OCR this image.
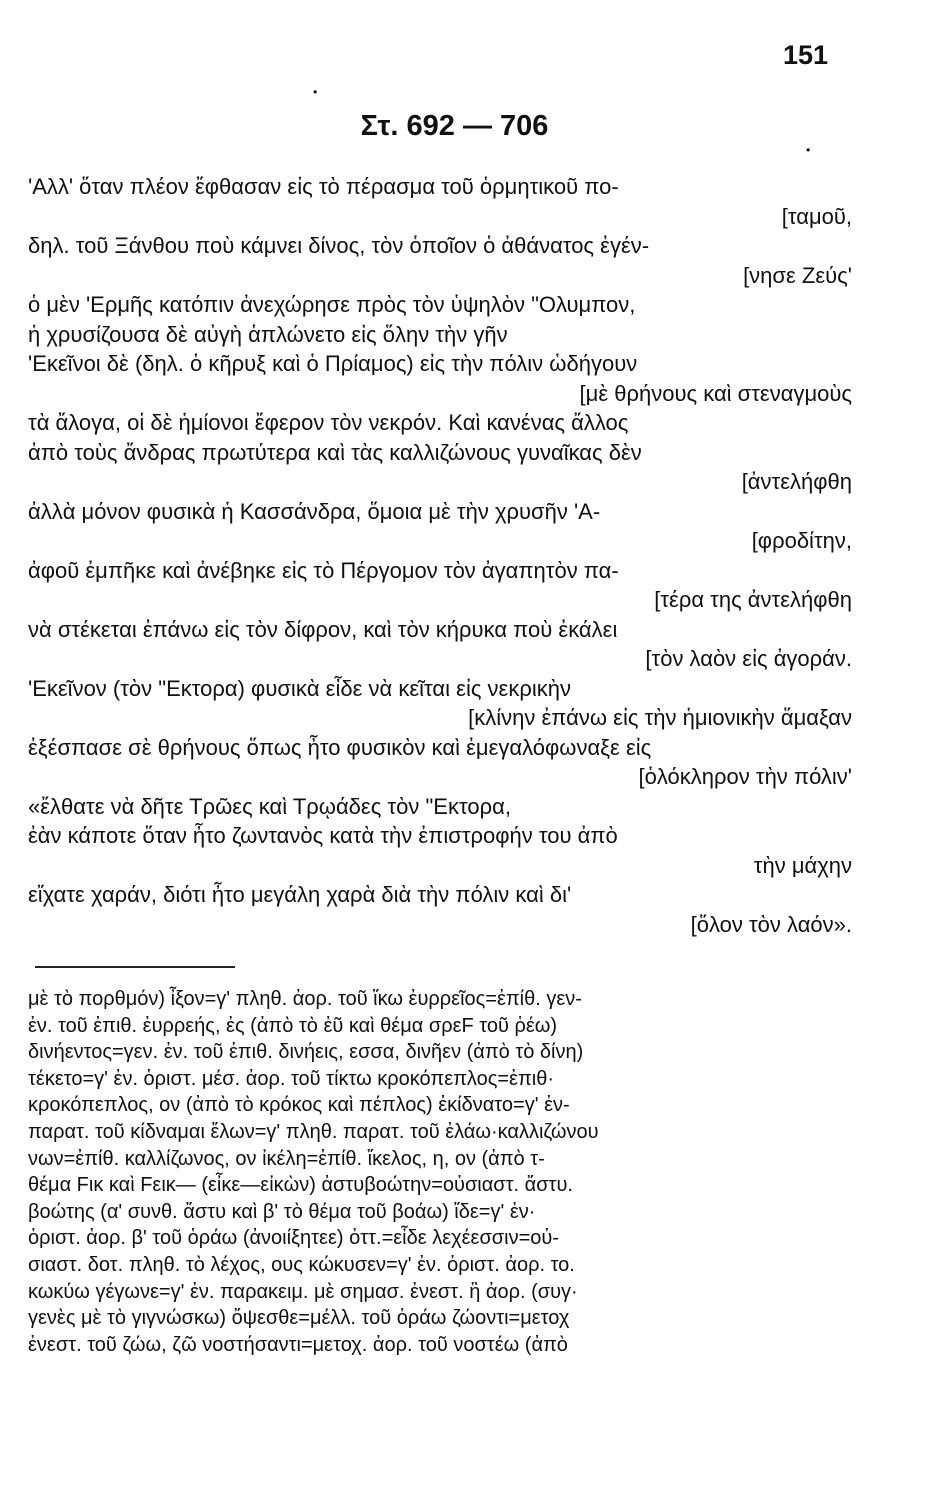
151
·
Στ. 692 — 706
·
'Αλλ' ὅταν πλέον ἔφθασαν εἰς τὸ πέρασμα τοῦ ὁρμητικοῦ πο-
[ταμοῦ,
δηλ. τοῦ Ξάνθου ποὺ κάμνει δίνος, τὸν ὁποῖον ὁ ἀθάνατος ἐγέν-
[νησε Ζεύς'
ὁ μὲν 'Ερμῆς κατόπιν ἀνεχώρησε πρὸς τὸν ὑψηλὸν "Ολυμπον,
ἡ χρυσίζουσα δὲ αὐγὴ ἁπλώνετο εἰς ὅλην τὴν γῆν
'Εκεῖνοι δὲ (δηλ. ὁ κῆρυξ καὶ ὁ Πρίαμος) εἰς τὴν πόλιν ὡδήγουν
[μὲ θρήνους καὶ στεναγμοὺς
τὰ ἄλογα, οἱ δὲ ἡμίονοι ἔφερον τὸν νεκρόν. Καὶ κανένας ἄλλος
ἀπὸ τοὺς ἄνδρας πρωτύτερα καὶ τὰς καλλιζώνους γυναῖκας δὲν
[ἀντελήφθη
ἀλλὰ μόνον φυσικὰ ἡ Κασσάνδρα, ὅμοια μὲ τὴν χρυσῆν 'Α-
[φροδίτην,
ἀφοῦ ἐμπῆκε καὶ ἀνέβηκε εἰς τὸ Πέργομον τὸν ἀγαπητὸν πα-
[τέρα της ἀντελήφθη
νὰ στέκεται ἐπάνω εἰς τὸν δίφρον, καὶ τὸν κήρυκα ποὺ ἐκάλει
[τὸν λαὸν εἰς ἀγοράν.
'Εκεῖνον (τὸν "Εκτορα) φυσικὰ εἶδε νὰ κεῖται εἰς νεκρικὴν
[κλίνην ἐπάνω εἰς τὴν ἡμιονικὴν ἅμαξαν
ἐξέσπασε σὲ θρήνους ὅπως ἦτο φυσικὸν καὶ ἐμεγαλόφωναξε εἰς
[ὁλόκληρον τὴν πόλιν'
«ἔλθατε νὰ δῆτε Τρῶες καὶ Τρῳάδες τὸν "Εκτορα,
ἐὰν κάποτε ὅταν ἦτο ζωντανὸς κατὰ τὴν ἐπιστροφήν του ἀπὸ
τὴν μάχην
εἴχατε χαράν, διότι ἦτο μεγάλη χαρὰ διὰ τὴν πόλιν καὶ δι'
[ὅλον τὸν λαόν».
μὲ τὸ πορθμόν) ἶξον=γ' πληθ. ἀορ. τοῦ ἵκω ἐυρρεῖος=ἐπίθ. γεν-
ἐν. τοῦ ἐπιθ. ἐυρρεής, ἐς (ἀπὸ τὸ ἐῦ καὶ θέμα σρεF τοῦ ῥέω)
δινήεντος=γεν. ἐν. τοῦ ἐπιθ. δινήεις, εσσα, δινῆεν (ἀπὸ τὸ δίνη)
τέκετο=γ' ἐν. ὁριστ. μέσ. ἀορ. τοῦ τίκτω κροκόπεπλος=ἐπιθ·
κροκόπεπλος, ον (ἀπὸ τὸ κρόκος καὶ πέπλος) ἐκίδνατο=γ' ἐν-
παρατ. τοῦ κίδναμαι ἔλων=γ' πληθ. παρατ. τοῦ ἐλάω·καλλιζώνου
νων=ἐπίθ. καλλίζωνος, ον ἰκέλη=ἐπίθ. ἴκελος, η, ον (ἀπὸ τ-
θέμα Fικ καὶ Fεικ— (εἶκε—εἰκὼν) ἀστυβοώτην=οὐσιαστ. ἄστυ.
βοώτης (α' συνθ. ἄστυ καὶ β' τὸ θέμα τοῦ βοάω) ἴδε=γ' ἐν·
ὁριστ. ἀορ. β' τοῦ ὁράω (ἀνοιίξητεε) ὀττ.=εἶδε λεχέεσσιν=οὐ-
σιαστ. δοτ. πληθ. τὸ λέχος, ους κώκυσεν=γ' ἐν. ὁριστ. ἀορ. το.
κωκύω γέγωνε=γ' ἐν. παρακειμ. μὲ σημασ. ἐνεστ. ἢ ἀορ. (συγ·
γενὲς μὲ τὸ γιγνώσκω) ὄψεσθε=μέλλ. τοῦ ὁράω ζώοντι=μετοχ
ἐνεστ. τοῦ ζώω, ζῶ νοστήσαντι=μετοχ. ἀορ. τοῦ νοστέω (ἀπὸ
